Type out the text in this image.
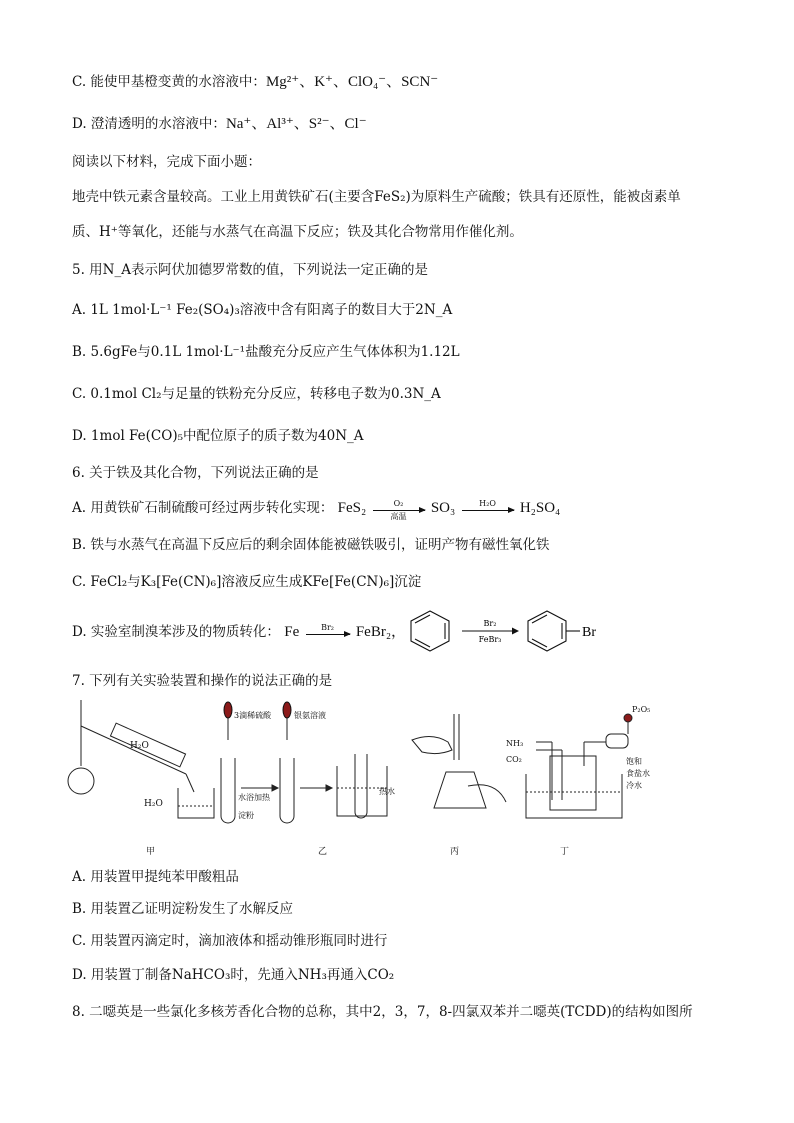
C. 能使甲基橙变黄的水溶液中：Mg²⁺、K⁺、ClO₄⁻、SCN⁻
D. 澄清透明的水溶液中：Na⁺、Al³⁺、S²⁻、Cl⁻
阅读以下材料，完成下面小题：
地壳中铁元素含量较高。工业上用黄铁矿石(主要含FeS₂)为原料生产硫酸；铁具有还原性，能被卤素单
质、H⁺等氧化，还能与水蒸气在高温下反应；铁及其化合物常用作催化剂。
5. 用N_A表示阿伏加德罗常数的值，下列说法一定正确的是
A. 1L 1mol·L⁻¹ Fe₂(SO₄)₃溶液中含有阳离子的数目大于2N_A
B. 5.6gFe与0.1L 1mol·L⁻¹盐酸充分反应产生气体体积为1.12L
C. 0.1mol Cl₂与足量的铁粉充分反应，转移电子数为0.3N_A
D. 1mol Fe(CO)₅中配位原子的质子数为40N_A
6. 关于铁及其化合物，下列说法正确的是
A. 用黄铁矿石制硫酸可经过两步转化实现： FeS₂	O₂
高温	SO₃	H₂O	H₂SO₄
B. 铁与水蒸气在高温下反应后的剩余固体能被磁铁吸引，证明产物有磁性氧化铁
C. FeCl₂与K₃[Fe(CN)₆]溶液反应生成KFe[Fe(CN)₆]沉淀
D. 实验室制溴苯涉及的物质转化： Fe	Br₂	FeBr₂，
Br₂
FeBr₃	Br
7. 下列有关实验装置和操作的说法正确的是
H₂O
H₂O
甲
3滴稀硫酸	银氨溶液
水浴加热
淀粉
热水
乙	丙
NH₃
CO₂
P₂O₅
饱和
食盐水
冷水
丁
A. 用装置甲提纯苯甲酸粗品
B. 用装置乙证明淀粉发生了水解反应
C. 用装置丙滴定时，滴加液体和摇动锥形瓶同时进行
D. 用装置丁制备NaHCO₃时，先通入NH₃再通入CO₂
8. 二噁英是一些氯化多核芳香化合物的总称，其中2，3，7，8-四氯双苯并二噁英(TCDD)的结构如图所
